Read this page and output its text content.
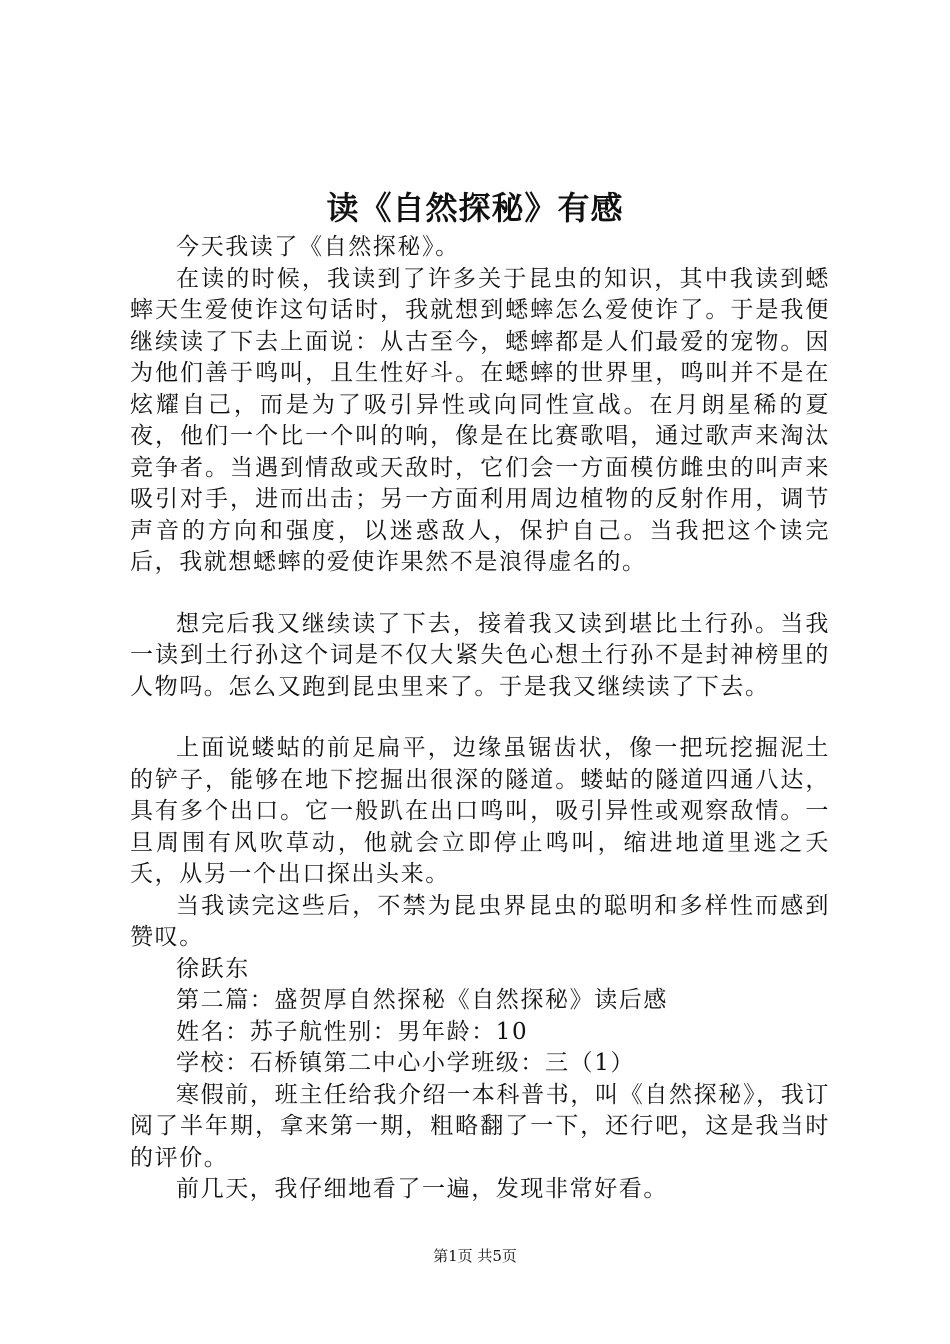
读《自然探秘》有感

今天我读了《自然探秘》。

在读的时候，我读到了许多关于昆虫的知识，其中我读到蟋蟀天生爱使诈这句话时，我就想到蟋蟀怎么爱使诈了。于是我便继续读了下去上面说：从古至今，蟋蟀都是人们最爱的宠物。因为他们善于鸣叫，且生性好斗。在蟋蟀的世界里，鸣叫并不是在炫耀自己，而是为了吸引异性或向同性宣战。在月朗星稀的夏夜，他们一个比一个叫的响，像是在比赛歌唱，通过歌声来淘汰竞争者。当遇到情敌或天敌时，它们会一方面模仿雌虫的叫声来吸引对手，进而出击；另一方面利用周边植物的反射作用，调节声音的方向和强度，以迷惑敌人，保护自己。当我把这个读完后，我就想蟋蟀的爱使诈果然不是浪得虚名的。

想完后我又继续读了下去，接着我又读到堪比土行孙。当我一读到土行孙这个词是不仅大紧失色心想土行孙不是封神榜里的人物吗。怎么又跑到昆虫里来了。于是我又继续读了下去。

上面说蝼蛄的前足扁平，边缘虽锯齿状，像一把玩挖掘泥土的铲子，能够在地下挖掘出很深的隧道。蝼蛄的隧道四通八达，具有多个出口。它一般趴在出口鸣叫，吸引异性或观察敌情。一旦周围有风吹草动，他就会立即停止鸣叫，缩进地道里逃之夭夭，从另一个出口探出头来。

当我读完这些后，不禁为昆虫界昆虫的聪明和多样性而感到赞叹。

徐跃东

第二篇：盛贺厚自然探秘《自然探秘》读后感

姓名：苏子航性别：男年龄：10

学校：石桥镇第二中心小学班级：三（1）

寒假前，班主任给我介绍一本科普书，叫《自然探秘》，我订阅了半年期，拿来第一期，粗略翻了一下，还行吧，这是我当时的评价。

前几天，我仔细地看了一遍，发现非常好看。

第1页 共5页
